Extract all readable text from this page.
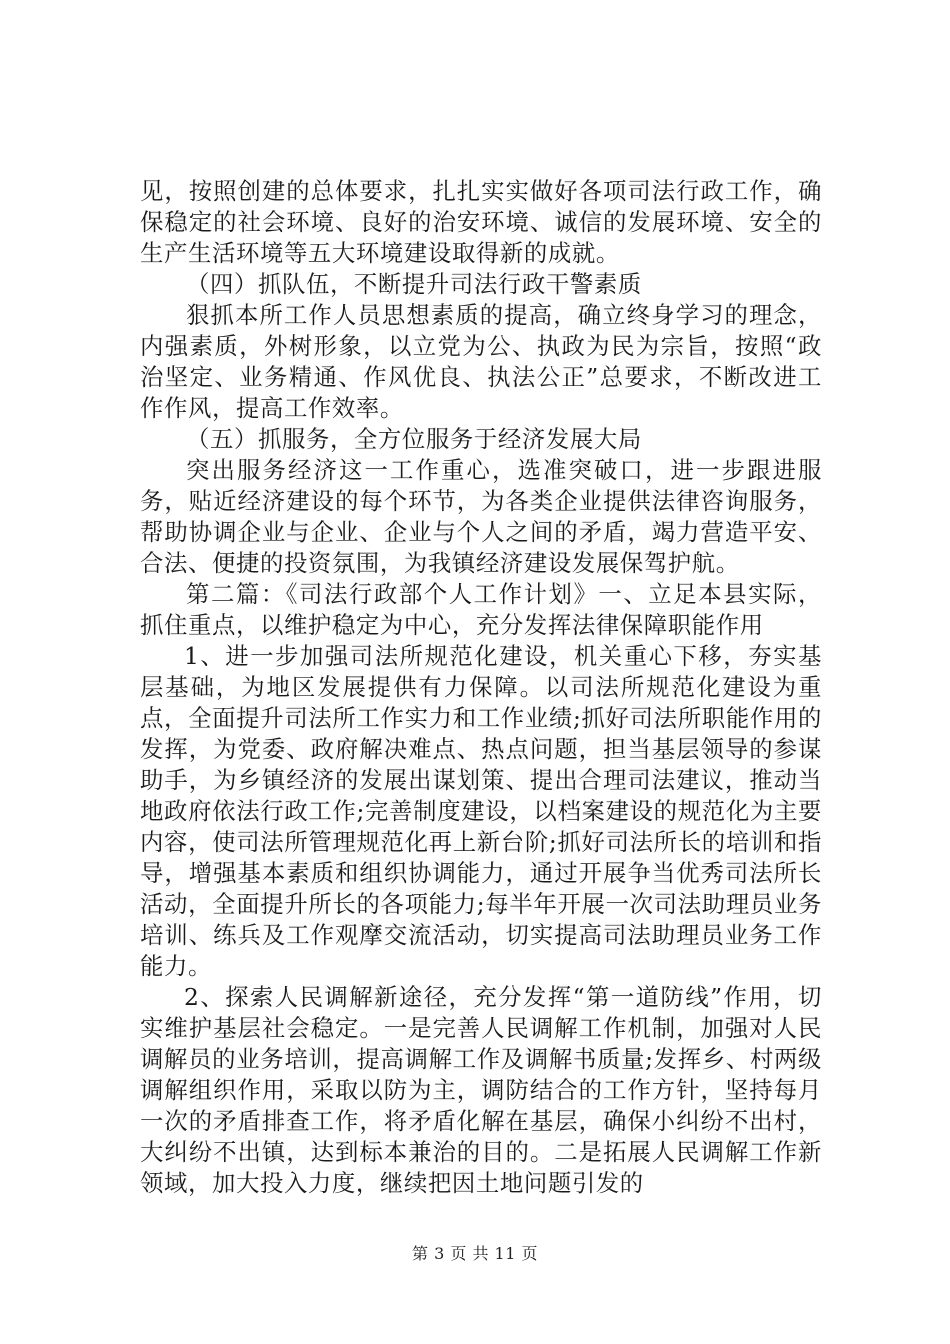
见，按照创建的总体要求，扎扎实实做好各项司法行政工作，确保稳定的社会环境、良好的治安环境、诚信的发展环境、安全的生产生活环境等五大环境建设取得新的成就。

（四）抓队伍，不断提升司法行政干警素质

狠抓本所工作人员思想素质的提高，确立终身学习的理念，内强素质，外树形象，以立党为公、执政为民为宗旨，按照“政治坚定、业务精通、作风优良、执法公正”总要求，不断改进工作作风，提高工作效率。

（五）抓服务，全方位服务于经济发展大局

突出服务经济这一工作重心，选准突破口，进一步跟进服务，贴近经济建设的每个环节，为各类企业提供法律咨询服务，帮助协调企业与企业、企业与个人之间的矛盾，竭力营造平安、合法、便捷的投资氛围，为我镇经济建设发展保驾护航。

第二篇：《司法行政部个人工作计划》一、立足本县实际，抓住重点，以维护稳定为中心，充分发挥法律保障职能作用

1、进一步加强司法所规范化建设，机关重心下移，夯实基层基础，为地区发展提供有力保障。以司法所规范化建设为重点，全面提升司法所工作实力和工作业绩;抓好司法所职能作用的发挥，为党委、政府解决难点、热点问题，担当基层领导的参谋助手，为乡镇经济的发展出谋划策、提出合理司法建议，推动当地政府依法行政工作;完善制度建设，以档案建设的规范化为主要内容，使司法所管理规范化再上新台阶;抓好司法所长的培训和指导，增强基本素质和组织协调能力，通过开展争当优秀司法所长活动，全面提升所长的各项能力;每半年开展一次司法助理员业务培训、练兵及工作观摩交流活动，切实提高司法助理员业务工作能力。

2、探索人民调解新途径，充分发挥“第一道防线”作用，切实维护基层社会稳定。一是完善人民调解工作机制，加强对人民调解员的业务培训，提高调解工作及调解书质量;发挥乡、村两级调解组织作用，采取以防为主，调防结合的工作方针，坚持每月一次的矛盾排查工作，将矛盾化解在基层，确保小纠纷不出村，大纠纷不出镇，达到标本兼治的目的。二是拓展人民调解工作新领域，加大投入力度，继续把因土地问题引发的

第 3 页 共 11 页
